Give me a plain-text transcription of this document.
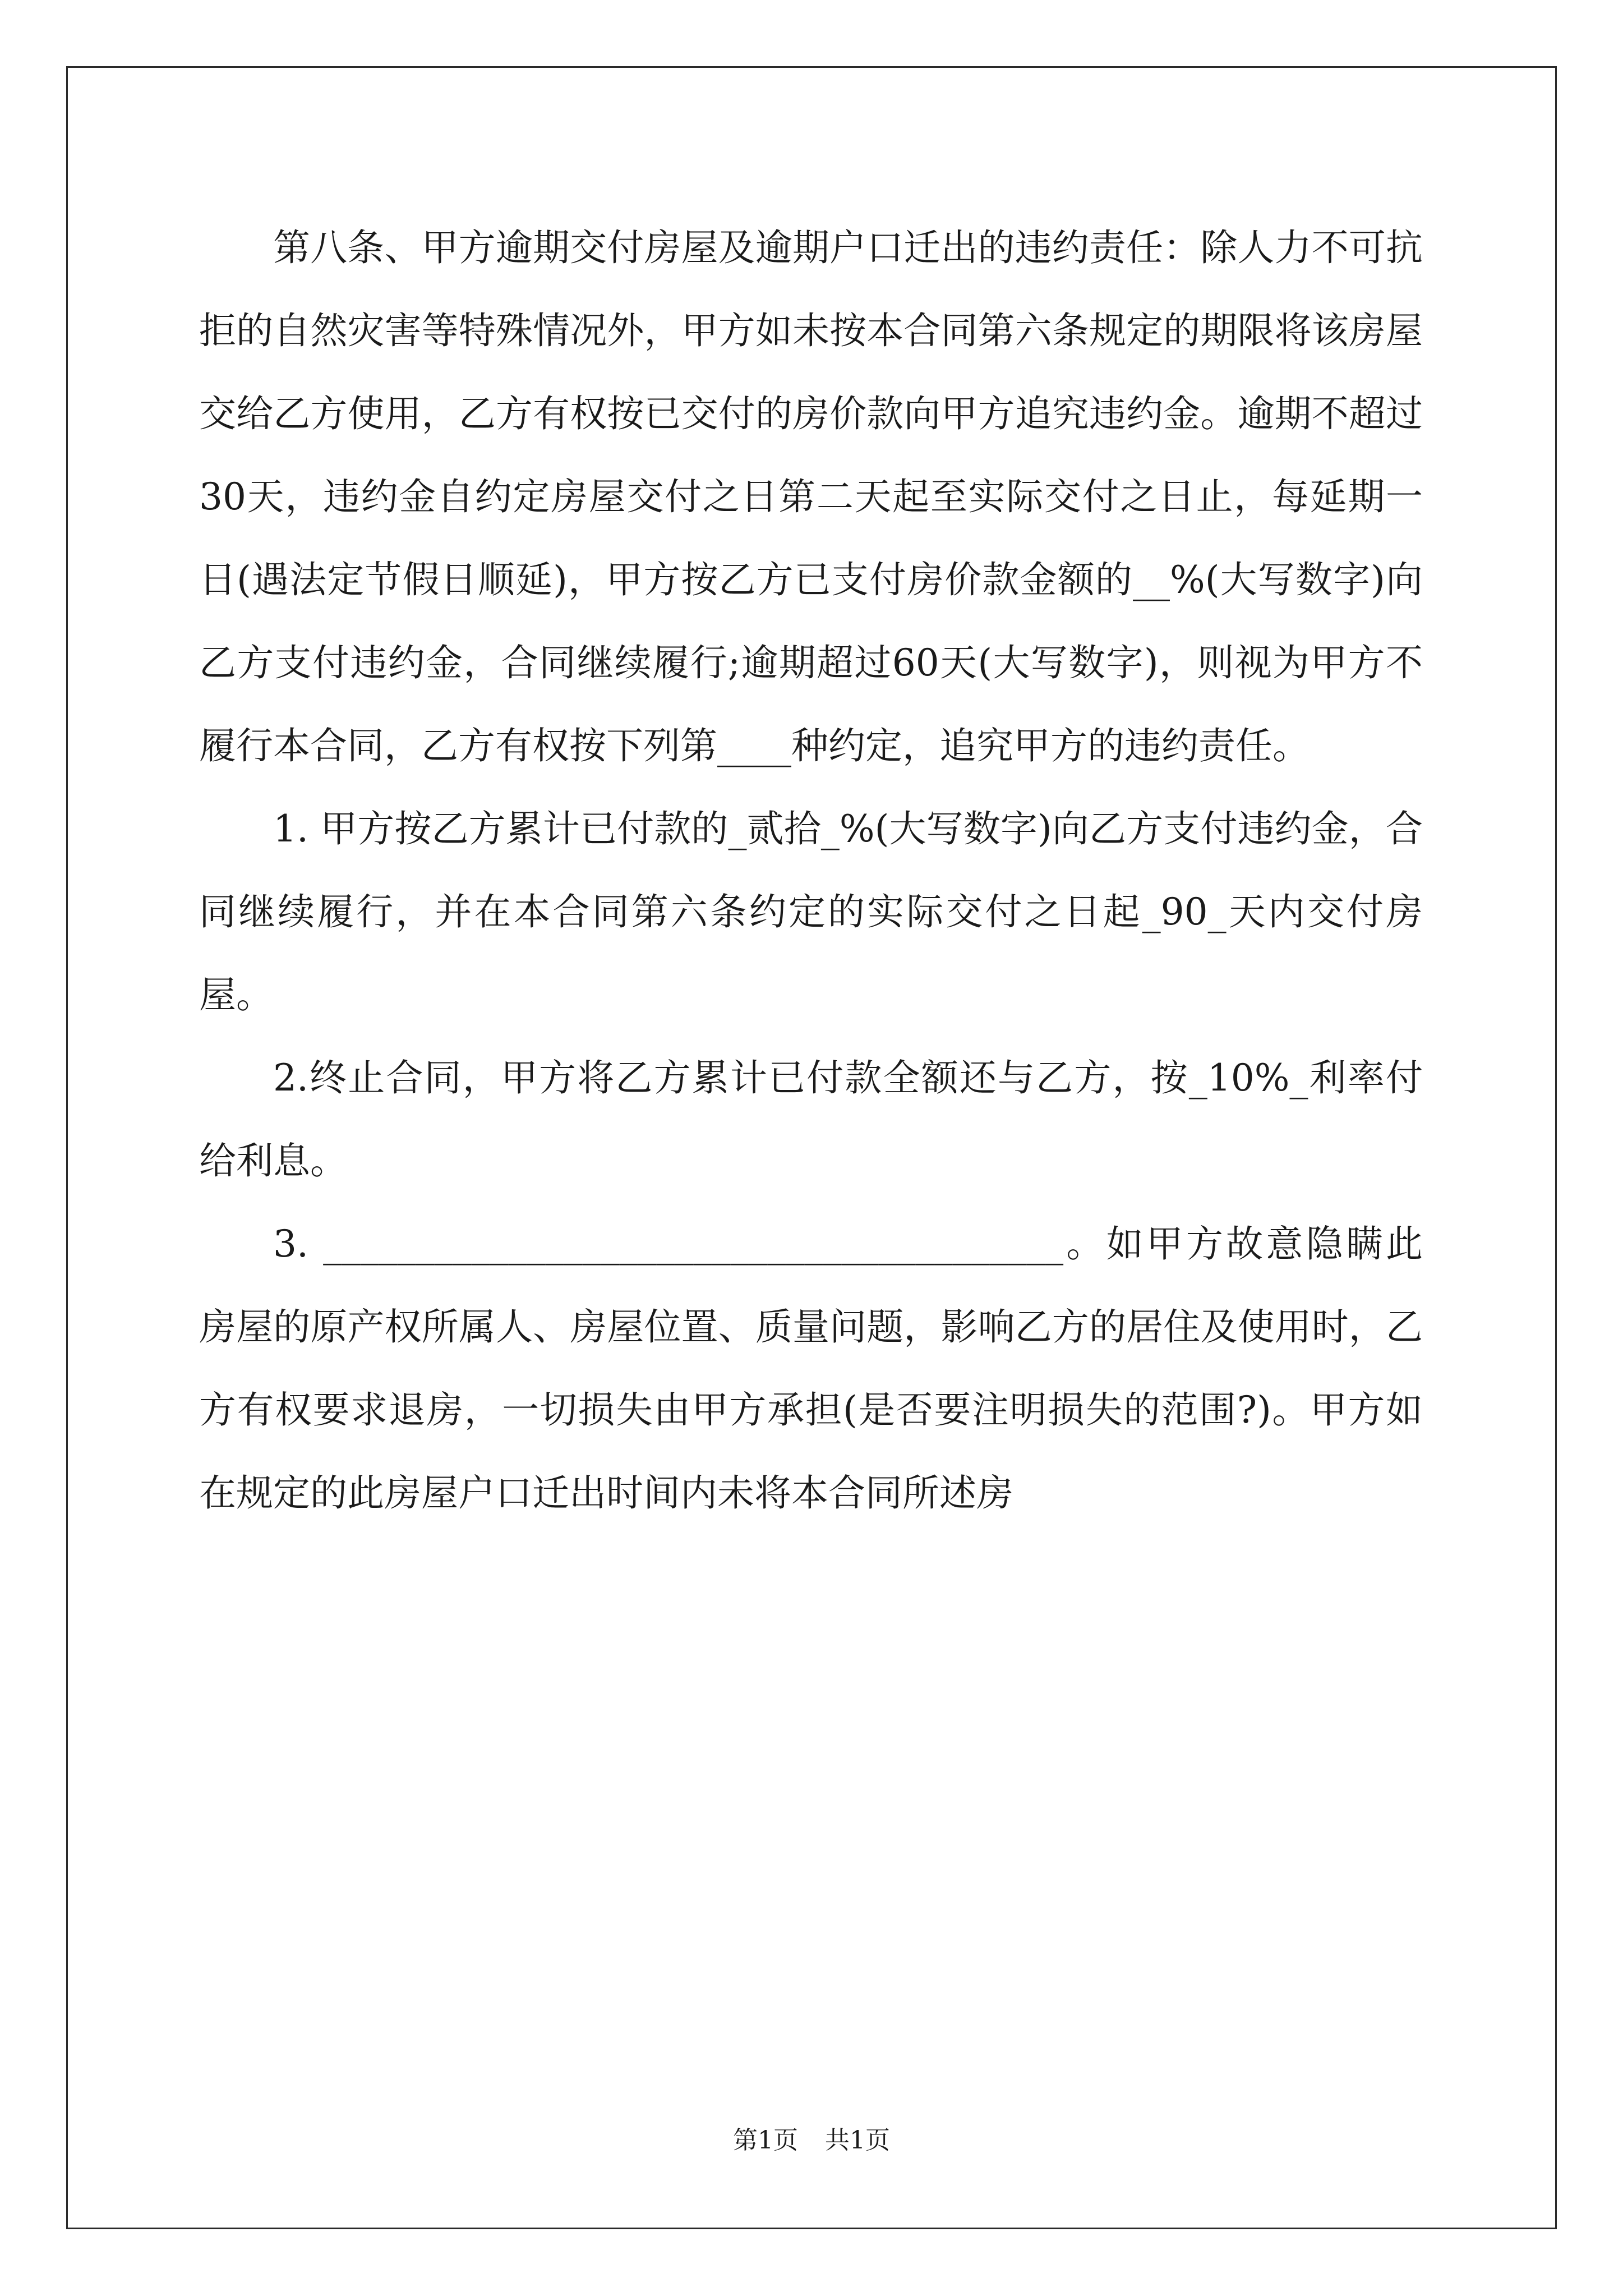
第八条、甲方逾期交付房屋及逾期户口迁出的违约责任：除人力不可抗拒的自然灾害等特殊情况外，甲方如未按本合同第六条规定的期限将该房屋交给乙方使用，乙方有权按已交付的房价款向甲方追究违约金。逾期不超过30天，违约金自约定房屋交付之日第二天起至实际交付之日止，每延期一日(遇法定节假日顺延)，甲方按乙方已支付房价款金额的__%(大写数字)向乙方支付违约金，合同继续履行;逾期超过60天(大写数字)，则视为甲方不履行本合同，乙方有权按下列第____种约定，追究甲方的违约责任。

1. 甲方按乙方累计已付款的_贰拾_%(大写数字)向乙方支付违约金，合同继续履行，并在本合同第六条约定的实际交付之日起_90_天内交付房屋。

2.终止合同，甲方将乙方累计已付款全额还与乙方，按_10%_利率付给利息。

3. ________________________________________。如甲方故意隐瞒此房屋的原产权所属人、房屋位置、质量问题，影响乙方的居住及使用时，乙方有权要求退房，一切损失由甲方承担(是否要注明损失的范围?)。甲方如在规定的此房屋户口迁出时间内未将本合同所述房

第1页 共1页
